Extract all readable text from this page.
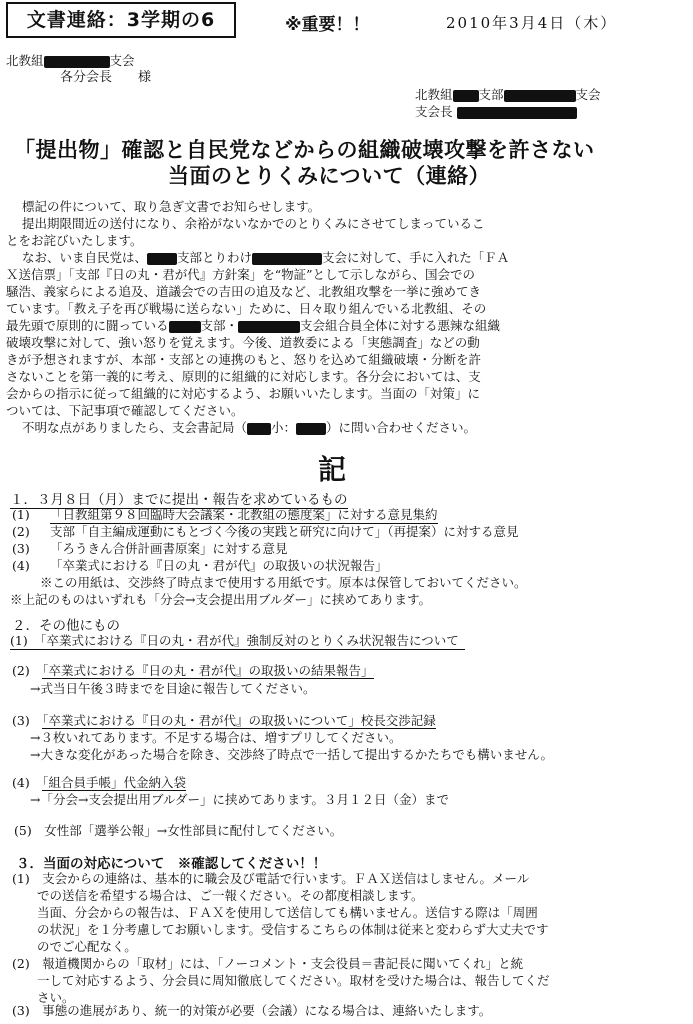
文書連絡：3学期の6	※重要！！	2010年3月4日（木）
北教組	支会
各分会長　　様
北教組 支部	支会
支会長
「提出物」確認と自民党などからの組織破壊攻撃を許さない
当面のとりくみについて（連絡）
標記の件について、取り急ぎ文書でお知らせします。
提出期限間近の送付になり、余裕がないなかでのとりくみにさせてしまっているこ
とをお詫びいたします。
なお、いま自民党は、 支部とりわけ	支会に対して、手に入れた「ＦＡ
Ｘ送信票」「支部『日の丸・君が代』方針案」を“物証”として示しながら、国会での
騒浩、義家らによる追及、道議会での吉田の追及など、北教組攻撃を一挙に強めてき
ています。「教え子を再び戦場に送らない」ために、日々取り組んでいる北教組、その
最先頭で原則的に闘っている	支部・	支会組合員全体に対する悪辣な組織
破壊攻撃に対して、強い怒りを覚えます。今後、道教委による「実態調査」などの動
きが予想されますが、本部・支部との連携のもと、怒りを込めて組織破壊・分断を許
さないことを第一義的に考え、原則的に組織的に対応します。各分会においては、支
会からの指示に従って組織的に対応するよう、お願いいたします。当面の「対策」に
ついては、下記事項で確認してください。
不明な点がありましたら、支会書記局（ 小： ）に問い合わせください。
記
１．３月８日（月）までに提出・報告を求めているもの
(1) 「日教組第９８回臨時大会議案・北教組の態度案」に対する意見集約
(2) 支部「自主編成運動にもとづく今後の実践と研究に向けて」（再提案）に対する意見
(3) 「ろうきん合併計画書原案」に対する意見
(4) 「卒業式における『日の丸・君が代』の取扱いの状況報告」
※この用紙は、交渉終了時点まで使用する用紙です。原本は保管しておいてください。
※上記のものはいずれも「分会→支会提出用ブルダー」に挟めてあります。
２．その他にもの
(1)　 「卒業式における『日の丸・君が代』強制反対のとりくみ状況報告について
(2)　 「卒業式における『日の丸・君が代』の取扱いの結果報告」
→式当日午後３時までを目途に報告してください。
(3)　 「卒業式における『日の丸・君が代』の取扱いについて」校長交渉記録
→３枚いれてあります。不足する場合は、増すプリしてください。
→大きな変化があった場合を除き、交渉終了時点で一括して提出するかたちでも構いません。
(4)　 「組合員手帳」代金納入袋
→「分会→支会提出用ブルダー」に挟めてあります。３月１２日（金）まで
(5)　 女性部「選挙公報」→女性部員に配付してください。
３．当面の対応について　※確認してください！！
(1)　支会からの連絡は、基本的に職会及び電話で行います。ＦＡＸ送信はしません。メール
　　での送信を希望する場合は、ご一報ください。その都度相談します。
　　当面、分会からの報告は、ＦＡＸを使用して送信しても構いません。送信する際は「周囲
　　の状況」を１分考慮してお願いします。受信するこちらの体制は従来と変わらず大丈夫です
　　のでご心配なく。
(2)　報道機関からの「取材」には、「ノーコメント・支会役員＝書記長に聞いてくれ」と統
　　一して対応するよう、分会員に周知徹底してください。取材を受けた場合は、報告してくだ
　　さい。
(3)　事態の進展があり、統一的対策が必要（会議）になる場合は、連絡いたします。
